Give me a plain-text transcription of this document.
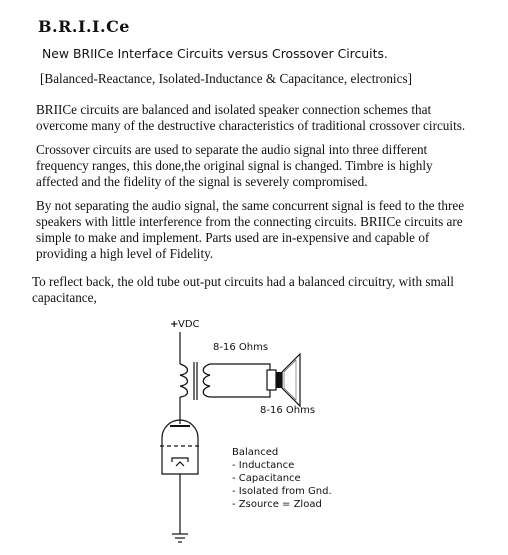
B.R.I.I.Ce

New BRIICe Interface Circuits versus Crossover Circuits.

[Balanced-Reactance, Isolated-Inductance & Capacitance, electronics]

BRIICe circuits are balanced and isolated speaker connection schemes that
overcome many of the destructive characteristics of traditional crossover circuits.

Crossover circuits are used to separate the audio signal into three different
frequency ranges, this done,the original signal is changed. Timbre is highly
affected and the fidelity of the signal is severely compromised.

By not separating the audio signal, the same concurrent signal is feed to the three
speakers with little interference from the connecting circuits. BRIICe circuits are
simple to make and implement. Parts used are in-expensive and capable of
providing a high level of Fidelity.

To reflect back, the old tube out-put circuits had a balanced circuitry, with small
capacitance,

+ VDC
8-16 Ohms
8-16 Ohms
Balanced
- Inductance
- Capacitance
- Isolated from Gnd.
- Zsource = Zload
